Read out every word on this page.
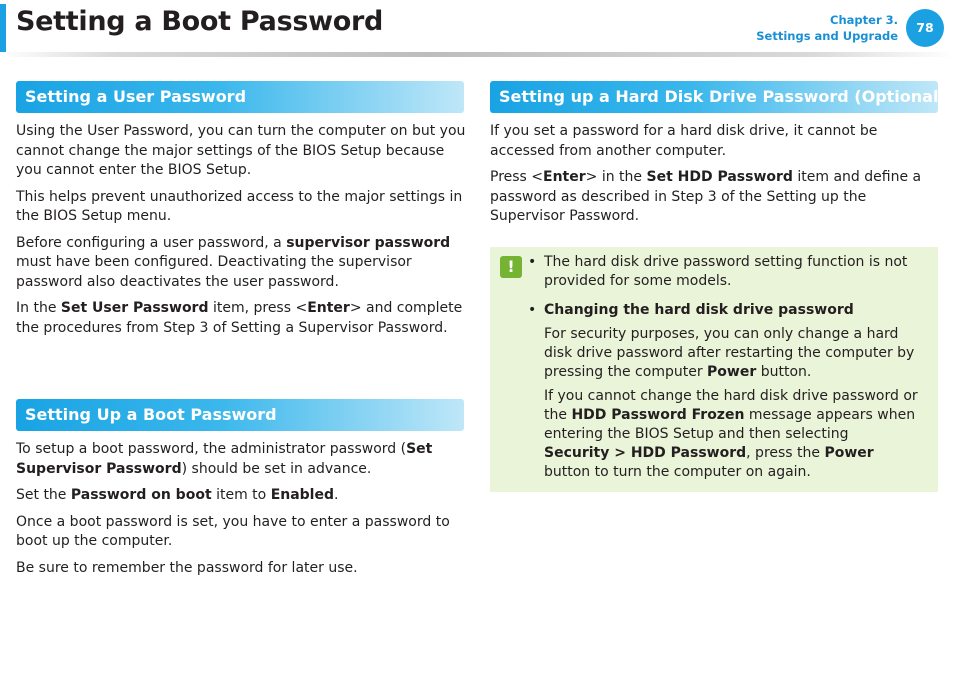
Setting a Boot Password	Chapter 3.
Settings and Upgrade
78
Setting a User Password

Using the User Password, you can turn the computer on but you cannot change the major settings of the BIOS Setup because you cannot enter the BIOS Setup.

This helps prevent unauthorized access to the major settings in the BIOS Setup menu.

Before configuring a user password, a supervisor password must have been configured. Deactivating the supervisor password also deactivates the user password.

In the Set User Password item, press <Enter> and complete the procedures from Step 3 of Setting a Supervisor Password.

Setting Up a Boot Password

To setup a boot password, the administrator password (Set Supervisor Password) should be set in advance.

Set the Password on boot item to Enabled.

Once a boot password is set, you have to enter a password to boot up the computer.

Be sure to remember the password for later use.

Setting up a Hard Disk Drive Password (Optional)

If you set a password for a hard disk drive, it cannot be accessed from another computer.

Press <Enter> in the Set HDD Password item and define a password as described in Step 3 of the Setting up the Supervisor Password.

! • The hard disk drive password setting function is not provided for some models.

• Changing the hard disk drive password

For security purposes, you can only change a hard disk drive password after restarting the computer by pressing the computer Power button.

If you cannot change the hard disk drive password or the HDD Password Frozen message appears when entering the BIOS Setup and then selecting Security > HDD Password, press the Power button to turn the computer on again.
